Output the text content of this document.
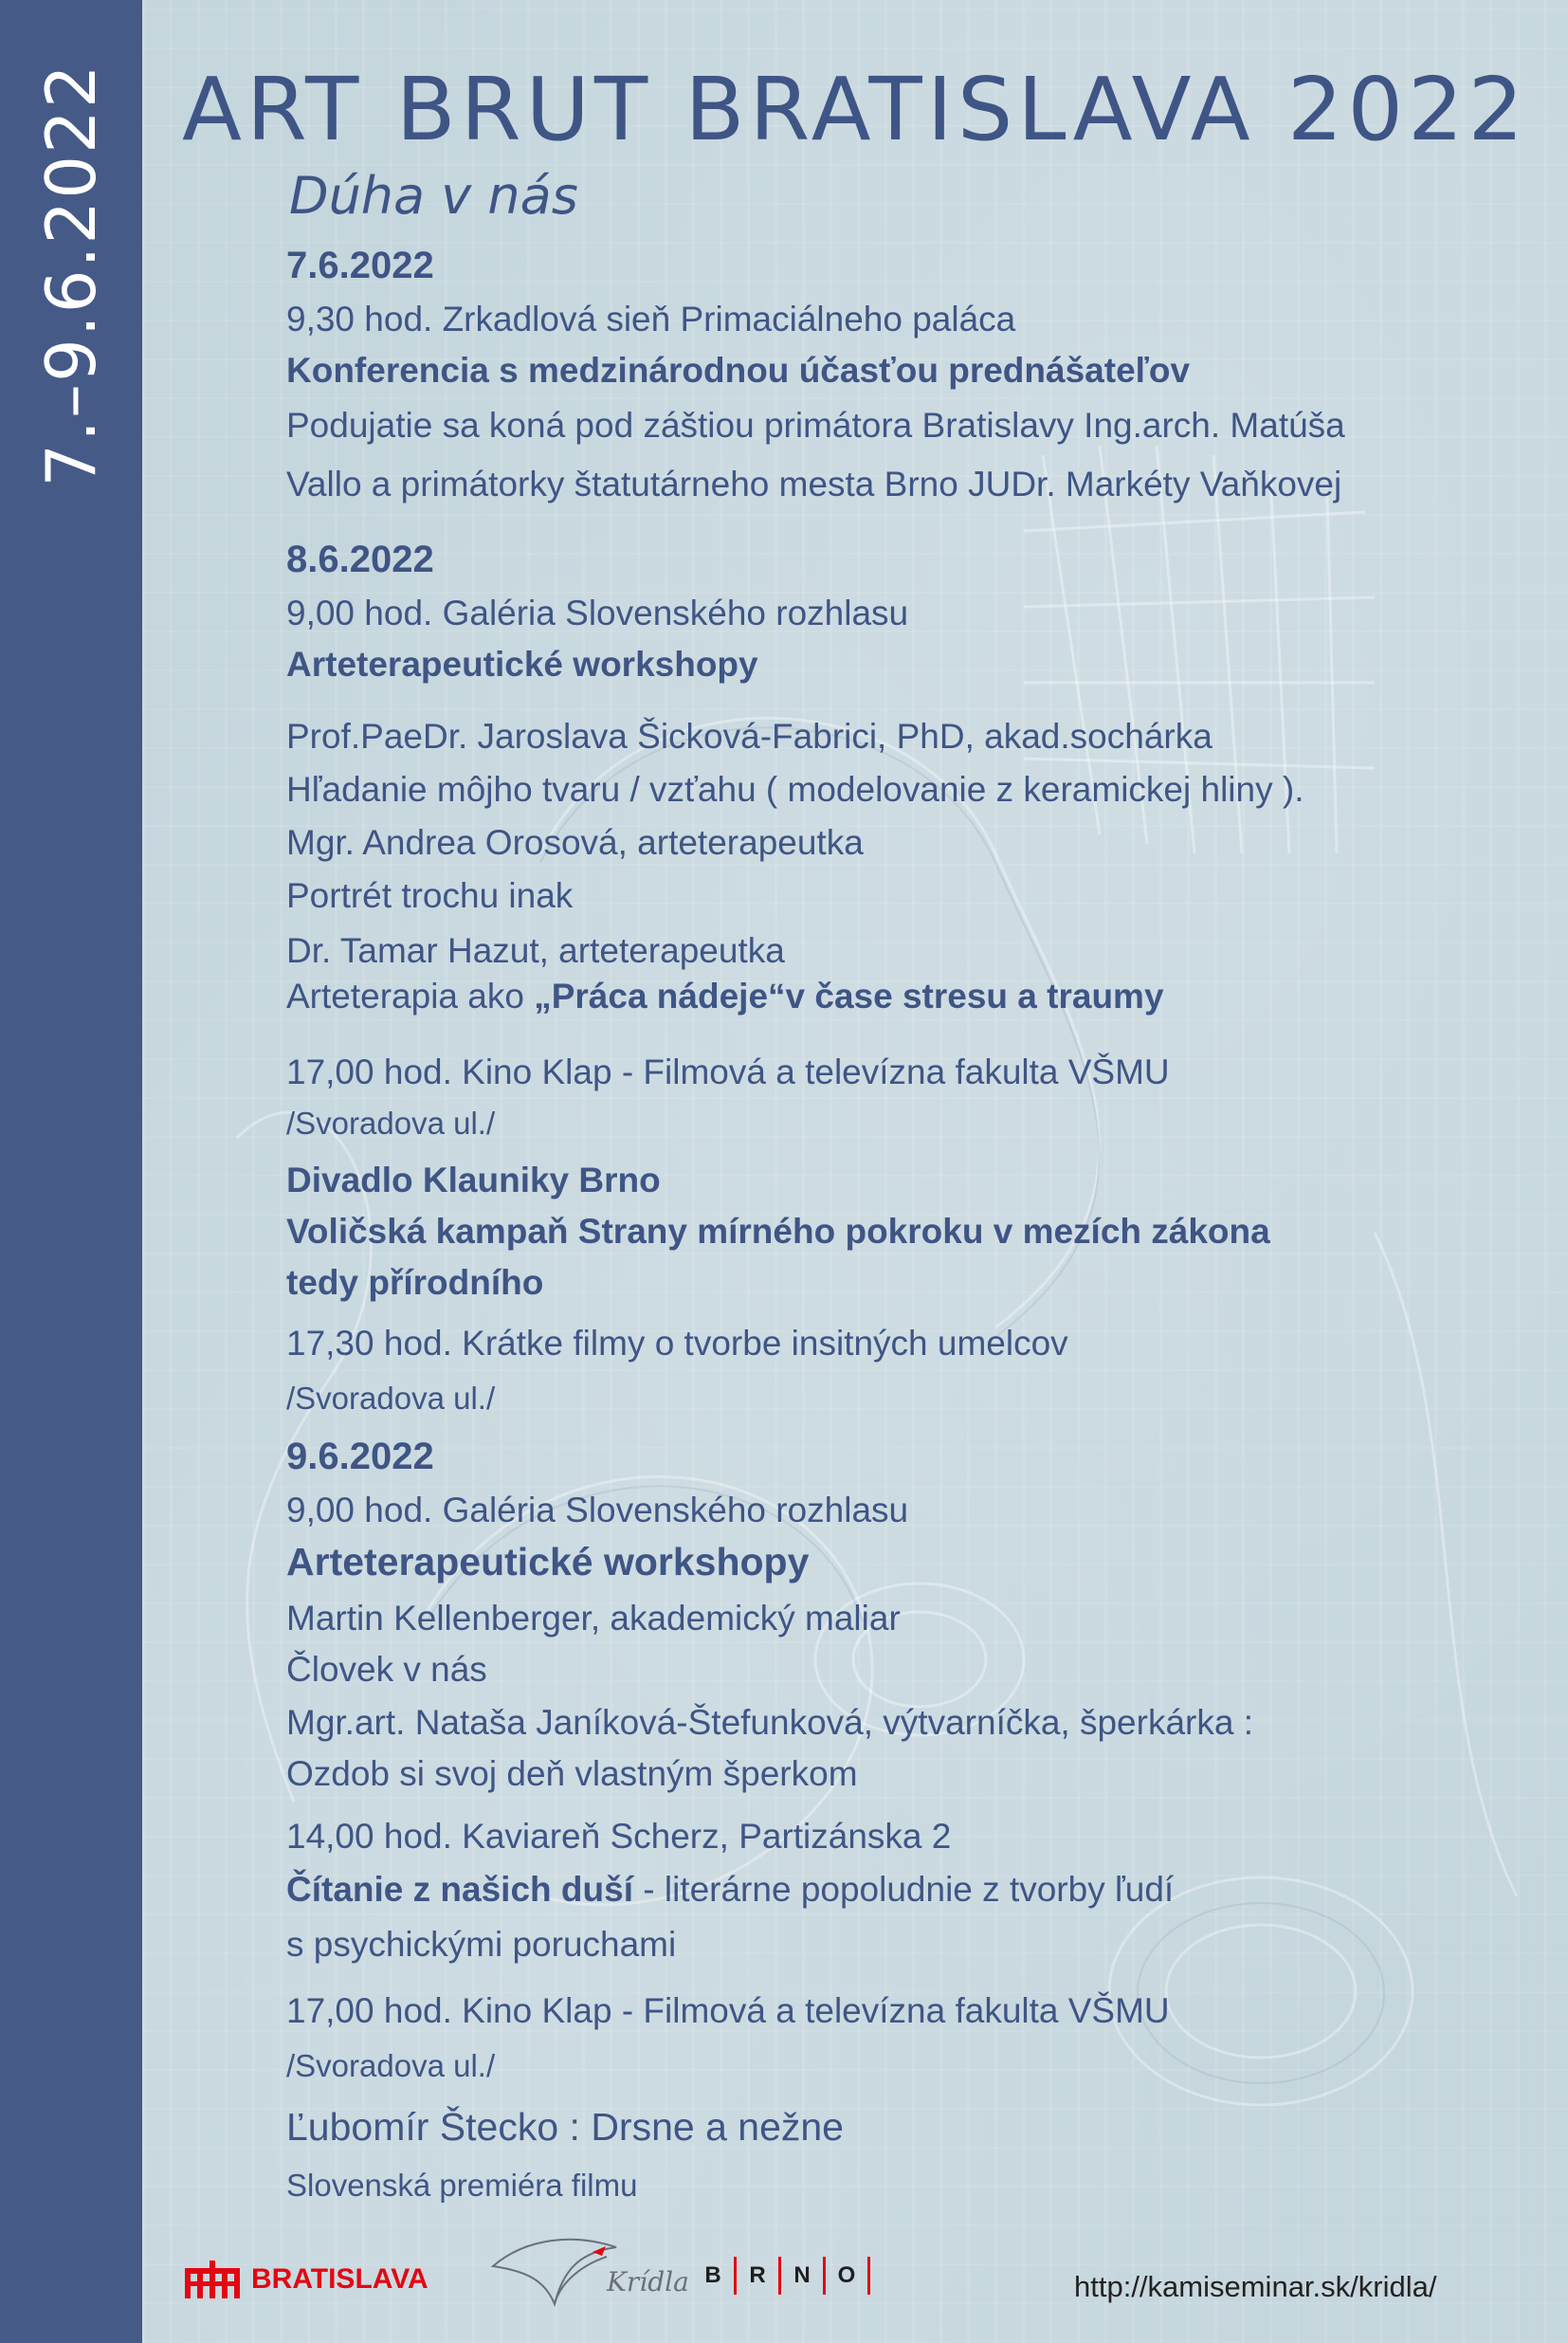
7.–9.6.2022 ART BRUT BRATISLAVA 2022
Dúha v nás
7.6.2022
9,30 hod. Zrkadlová sieň Primaciálneho paláca
Konferencia s medzinárodnou účasťou prednášateľov
Podujatie sa koná pod záštiou primátora Bratislavy Ing.arch. Matúša
Vallo a primátorky štatutárneho mesta Brno JUDr. Markéty Vaňkovej
8.6.2022
9,00 hod. Galéria Slovenského rozhlasu
Arteterapeutické workshopy
Prof.PaeDr. Jaroslava Šicková-Fabrici, PhD, akad.sochárka
Hľadanie môjho tvaru / vzťahu ( modelovanie z keramickej hliny ).
Mgr. Andrea Orosová, arteterapeutka
Portrét trochu inak
Dr. Tamar Hazut, arteterapeutka
Arteterapia ako „Práca nádeje“v čase stresu a traumy
17,00 hod. Kino Klap - Filmová a televízna fakulta VŠMU
/Svoradova ul./
Divadlo Klauniky Brno
Voličská kampaň Strany mírného pokroku v mezích zákona
tedy přírodního
17,30 hod. Krátke filmy o tvorbe insitných umelcov
/Svoradova ul./
9.6.2022
9,00 hod. Galéria Slovenského rozhlasu
Arteterapeutické workshopy
Martin Kellenberger, akademický maliar
Človek v nás
Mgr.art. Nataša Janíková-Štefunková, výtvarníčka, šperkárka :
Ozdob si svoj deň vlastným šperkom
14,00 hod. Kaviareň Scherz, Partizánska 2
Čítanie z našich duší - literárne popoludnie z tvorby ľudí
s psychickými poruchami
17,00 hod. Kino Klap - Filmová a televízna fakulta VŠMU
/Svoradova ul./
Ľubomír Štecko : Drsne a nežne
Slovenská premiéra filmu
BRATISLAVA	Krídla B	R	N	O	http://kamiseminar.sk/kridla/
